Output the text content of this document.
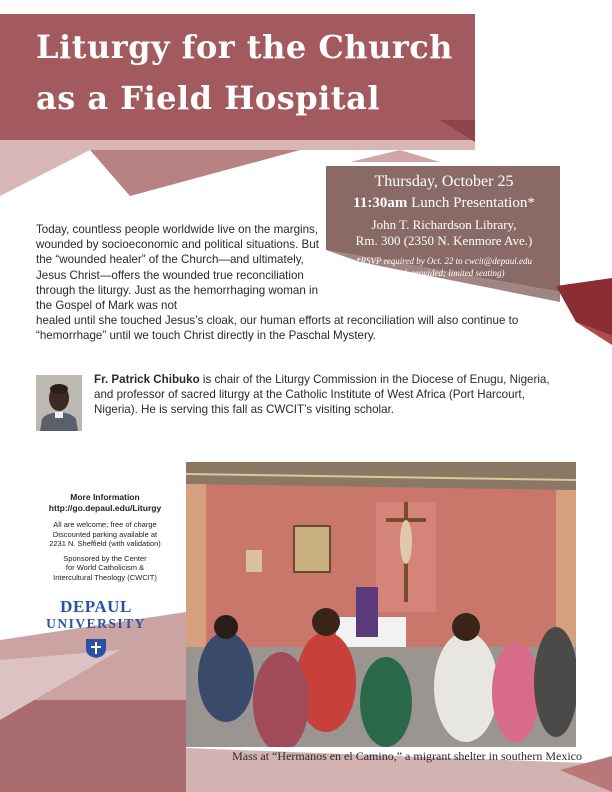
Liturgy for the Church
as a Field Hospital
Thursday, October 25
11:30am Lunch Presentation*
John T. Richardson Library,
Rm. 300 (2350 N. Kenmore Ave.)
*RSVP required by Oct. 22 to cwcit@depaul.edu
(Lunch provided; limited seating)
Today, countless people worldwide live on the margins, wounded by socioeconomic and political situations. But the “wounded healer” of the Church—and ultimately, Jesus Christ—offers the wounded true reconciliation through the liturgy. Just as the hemorrhaging woman in the Gospel of Mark was not
healed until she touched Jesus’s cloak, our human efforts at reconciliation will also continue to “hemorrhage” until we touch Christ directly in the Paschal Mystery.
Fr. Patrick Chibuko is chair of the Liturgy Commission in the Diocese of Enugu, Nigeria, and professor of sacred liturgy at the Catholic Institute of West Africa (Port Harcourt, Nigeria). He is serving this fall as CWCIT’s visiting scholar.
More Information
http://go.depaul.edu/Liturgy
All are welcome; free of charge
Discounted parking available at
2231 N. Sheffield (with validation)
Sponsored by the Center
for World Catholicism &
Intercultural Theology (CWCIT)
DEPAUL
UNIVERSITY
Mass at “Hermanos en el Camino,” a migrant shelter in southern Mexico
